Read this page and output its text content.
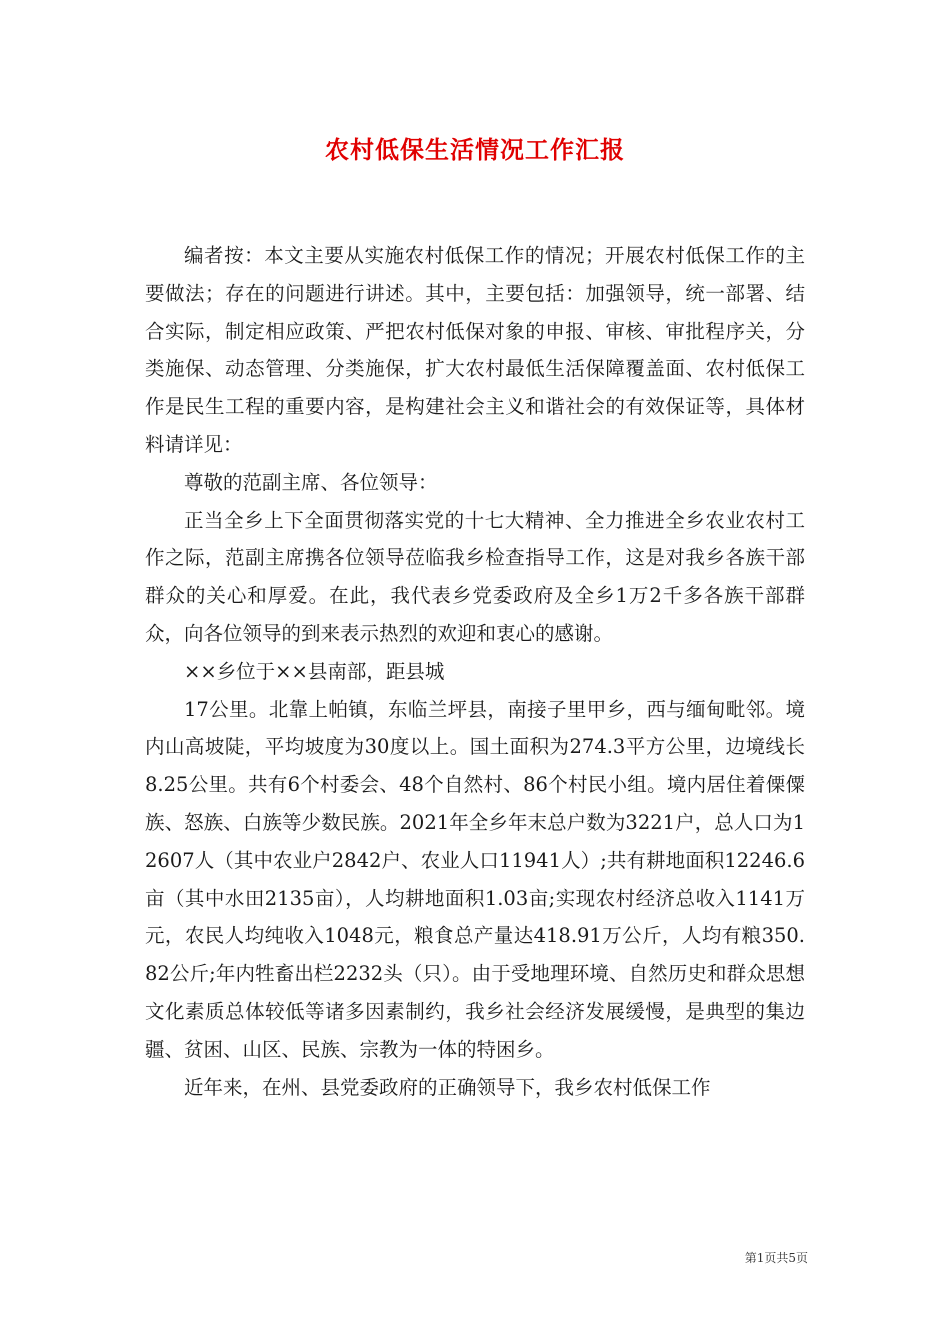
农村低保生活情况工作汇报

编者按：本文主要从实施农村低保工作的情况；开展农村低保工作的主要做法；存在的问题进行讲述。其中，主要包括：加强领导，统一部署、结合实际，制定相应政策、严把农村低保对象的申报、审核、审批程序关，分类施保、动态管理、分类施保，扩大农村最低生活保障覆盖面、农村低保工作是民生工程的重要内容，是构建社会主义和谐社会的有效保证等，具体材料请详见：

尊敬的范副主席、各位领导：

正当全乡上下全面贯彻落实党的十七大精神、全力推进全乡农业农村工作之际，范副主席携各位领导莅临我乡检查指导工作，这是对我乡各族干部群众的关心和厚爱。在此，我代表乡党委政府及全乡1万2千多各族干部群众，向各位领导的到来表示热烈的欢迎和衷心的感谢。

××乡位于××县南部，距县城

17公里。北靠上帕镇，东临兰坪县，南接子里甲乡，西与缅甸毗邻。境内山高坡陡，平均坡度为30度以上。国土面积为274.3平方公里，边境线长8.25公里。共有6个村委会、48个自然村、86个村民小组。境内居住着傈僳族、怒族、白族等少数民族。2021年全乡年末总户数为3221户，总人口为12607人（其中农业户2842户、农业人口11941人）;共有耕地面积12246.6亩（其中水田2135亩），人均耕地面积1.03亩;实现农村经济总收入1141万元，农民人均纯收入1048元，粮食总产量达418.91万公斤，人均有粮350.82公斤;年内牲畜出栏2232头（只）。由于受地理环境、自然历史和群众思想文化素质总体较低等诸多因素制约，我乡社会经济发展缓慢，是典型的集边疆、贫困、山区、民族、宗教为一体的特困乡。

近年来，在州、县党委政府的正确领导下，我乡农村低保工作

第1页共5页
